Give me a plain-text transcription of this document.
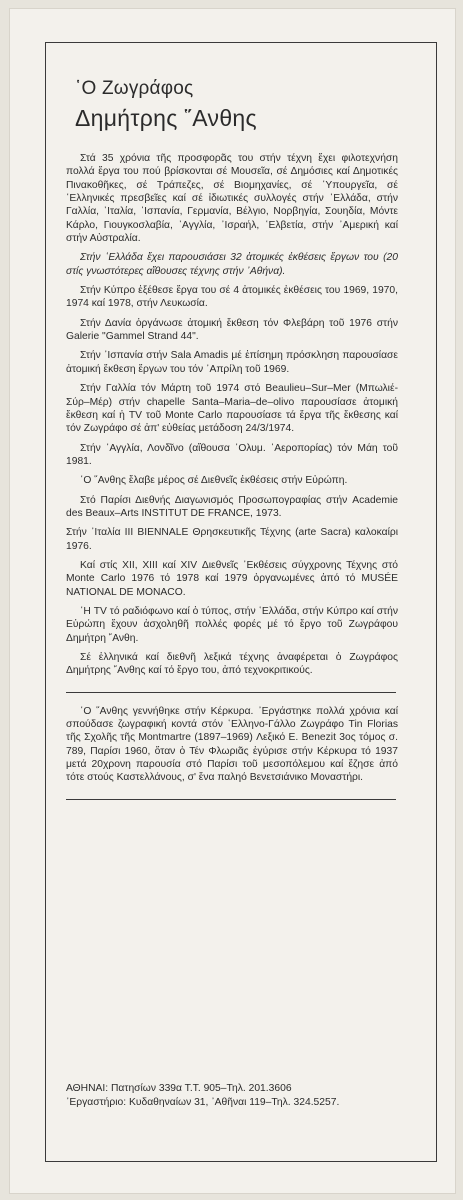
῾Ο Ζωγράφος
Δημήτρης ῞Ανθης

Στά 35 χρόνια τῆς προσφορᾶς του στήν τέχνη ἔχει φιλοτεχνήση πολλά ἔργα του πού βρίσκονται σέ Μουσεῖα, σέ Δημόσιες καί Δημοτικές Πινακοθῆκες, σέ Τράπεζες, σέ Βιομηχανίες, σέ ῾Υπουργεῖα, σέ ῾Ελληνικές πρεσβεῖες καί σέ ἰδιωτικές συλλογές στήν ῾Ελλάδα, στήν Γαλλία, ᾿Ιταλία, ᾿Ισπανία, Γερμανία, Βέλγιο, Νορβηγία, Σουηδία, Μόντε Κάρλο, Γιουγκοσλαβία, ᾿Αγγλία, ᾿Ισραήλ, ῾Ελβετία, στήν ᾿Αμερική καί στήν Αὐστραλία.

Στήν ῾Ελλάδα ἔχει παρουσιάσει 32 ἀτομικές ἐκθέσεις ἔργων του (20 στίς γνωστότερες αἴθουσες τέχνης στήν ᾿Αθήνα).

Στήν Κύπρο ἐξέθεσε ἔργα του σέ 4 ἀτομικές ἐκθέσεις του 1969, 1970, 1974 καί 1978, στήν Λευκωσία.

Στήν Δανία ὀργάνωσε ἀτομική ἔκθεση τόν Φλεβάρη τοῦ 1976 στήν Galerie "Gammel Strand 44".

Στήν ᾿Ισπανία στήν Sala Amadis μέ ἐπίσημη πρόσκληση παρουσίασε ἀτομική ἔκθεση ἔργων του τόν ᾿Απρίλη τοῦ 1969.

Στήν Γαλλία τόν Μάρτη τοῦ 1974 στό Beaulieu–Sur–Mer (Μπωλιέ- Σύρ–Μέρ) στήν chapelle Santa–Maria–de–olivo παρουσίασε ἀτομική ἔκθεση καί ἡ TV τοῦ Monte Carlo παρουσίασε τά ἔργα τῆς ἔκθεσης καί τόν Ζωγράφο σέ ἀπ' εὐθείας μετάδοση 24/3/1974.

Στήν ᾿Αγγλία, Λονδῖνο (αἴθουσα ᾿Ολυμ. ᾿Αεροπορίας) τόν Μάη τοῦ 1981.

῾Ο ῞Ανθης ἔλαβε μέρος σέ Διεθνεῖς ἐκθέσεις στήν Εὐρώπη.

Στό Παρίσι Διεθνής Διαγωνισμός Προσωπογραφίας στήν Academie des Beaux–Arts INSTITUT DE FRANCE, 1973.

Στήν ᾿Ιταλία III BIENNALE Θρησκευτικῆς Τέχνης (arte Sacra) καλοκαίρι 1976.

Καί στίς XII, XIII καί XIV Διεθνεῖς ᾿Εκθέσεις σύγχρονης Τέχνης στό Monte Carlo 1976 τό 1978 καί 1979 ὀργανωμένες ἀπό τό MUSÉE NATIONAL DE MONACO.

῾Η TV τό ραδιόφωνο καί ὁ τύπος, στήν ῾Ελλάδα, στήν Κύπρο καί στήν Εὐρώπη ἔχουν ἀσχοληθῆ πολλές φορές μέ τό ἔργο τοῦ Ζωγράφου Δημήτρη ῞Ανθη.

Σέ ἑλληνικά καί διεθνῆ λεξικά τέχνης ἀναφέρεται ὁ Ζωγράφος Δημήτρης ῞Ανθης καί τό ἔργο του, ἀπό τεχνοκριτικούς.

῾Ο ῞Ανθης γεννήθηκε στήν Κέρκυρα. ᾿Εργάστηκε πολλά χρόνια καί σπούδασε ζωγραφική κοντά στόν ῾Ελληνο-Γάλλο Ζωγράφο Tin Florias τῆς Σχολῆς τῆς Montmartre (1897–1969) Λεξικό E. Benezit 3ος τόμος σ. 789, Παρίσι 1960, ὅταν ὁ Τέν Φλωριᾶς ἐγύρισε στήν Κέρκυρα τό 1937 μετά 20χρονη παρουσία στό Παρίσι τοῦ μεσοπόλεμου καί ἔζησε ἀπό τότε στούς Καστελλάνους, σ' ἕνα παληό Βενετσιάνικο Μοναστήρι.

ΑΘΗΝΑΙ: Πατησίων 339α Τ.Τ. 905–Τηλ. 201.3606
᾿Εργαστήριο: Κυδαθηναίων 31, ᾿Αθῆναι 119–Τηλ. 324.5257.
